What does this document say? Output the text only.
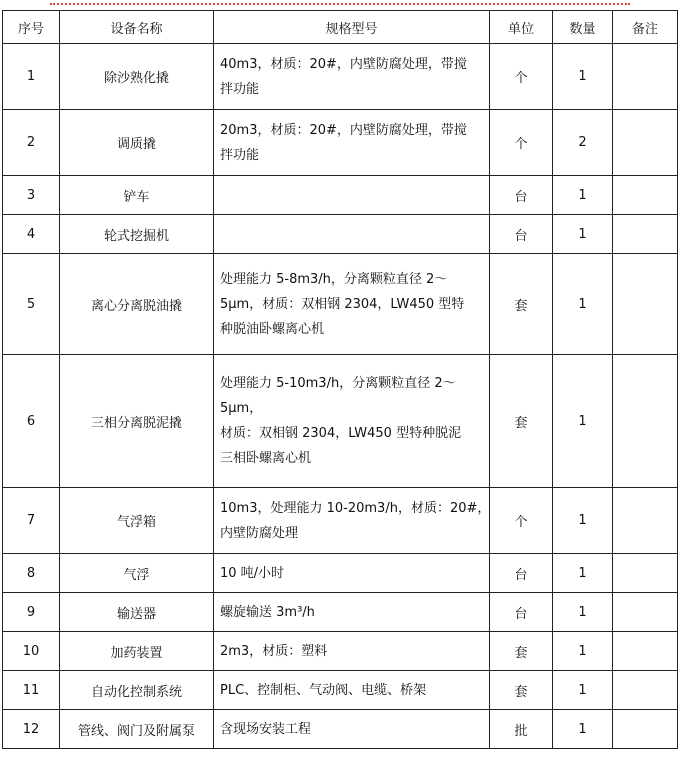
序号	设备名称	规格型号	单位	数量	备注
1	除沙熟化撬	40m3，材质：20#，内壁防腐处理，带搅
拌功能	个	1	
2	调质撬	20m3，材质：20#，内壁防腐处理，带搅
拌功能	个	2	
3	铲车		台	1	
4	轮式挖掘机		台	1	
5	离心分离脱油撬	处理能力 5-8m3/h，分离颗粒直径 2～
5μm，材质：双相钢 2304，LW450 型特
种脱油卧螺离心机	套	1	
6	三相分离脱泥撬	处理能力 5-10m3/h，分离颗粒直径 2～
5μm，
材质：双相钢 2304，LW450 型特种脱泥
三相卧螺离心机	套	1	
7	气浮箱	10m3，处理能力 10-20m3/h，材质：20#，
内壁防腐处理	个	1	
8	气浮	10 吨/小时	台	1	
9	输送器	螺旋输送 3m³/h	台	1	
10	加药装置	2m3，材质：塑料	套	1	
11	自动化控制系统	PLC、控制柜、气动阀、电缆、桥架	套	1	
12	管线、阀门及附属泵	含现场安装工程	批	1	
